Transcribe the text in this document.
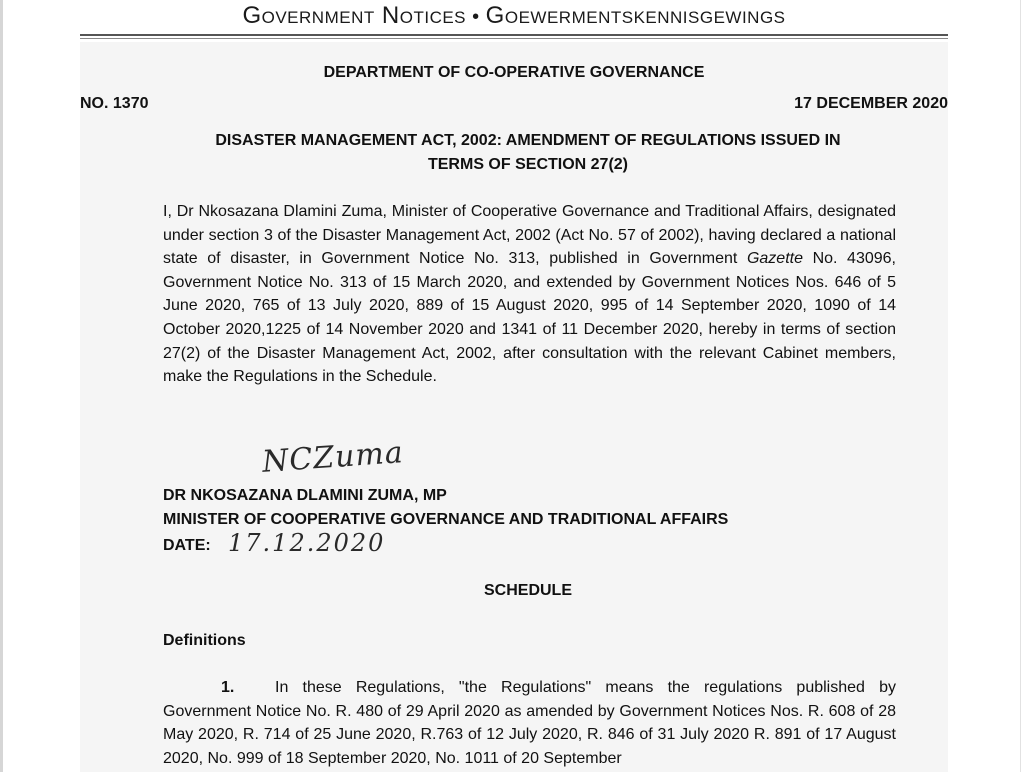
Government Notices • Goewermentskennisgewings
DEPARTMENT OF CO-OPERATIVE GOVERNANCE
NO. 1370	17 DECEMBER 2020
DISASTER MANAGEMENT ACT, 2002: AMENDMENT OF REGULATIONS ISSUED IN
TERMS OF SECTION 27(2)
I, Dr Nkosazana Dlamini Zuma, Minister of Cooperative Governance and Traditional Affairs, designated under section 3 of the Disaster Management Act, 2002 (Act No. 57 of 2002), having declared a national state of disaster, in Government Notice No. 313, published in Government Gazette No. 43096, Government Notice No. 313 of 15 March 2020, and extended by Government Notices Nos. 646 of 5 June 2020, 765 of 13 July 2020, 889 of 15 August 2020, 995 of 14 September 2020, 1090 of 14 October 2020,1225 of 14 November 2020 and 1341 of 11 December 2020, hereby in terms of section 27(2) of the Disaster Management Act, 2002, after consultation with the relevant Cabinet members, make the Regulations in the Schedule.
NCZuma
DR NKOSAZANA DLAMINI ZUMA, MP
MINISTER OF COOPERATIVE GOVERNANCE AND TRADITIONAL AFFAIRS
DATE: 17.12.2020
SCHEDULE
Definitions
1.	In these Regulations, "the Regulations" means the regulations published by Government Notice No. R. 480 of 29 April 2020 as amended by Government Notices Nos. R. 608 of 28 May 2020, R. 714 of 25 June 2020, R.763 of 12 July 2020, R. 846 of 31 July 2020 R. 891 of 17 August 2020, No. 999 of 18 September 2020, No. 1011 of 20 September
